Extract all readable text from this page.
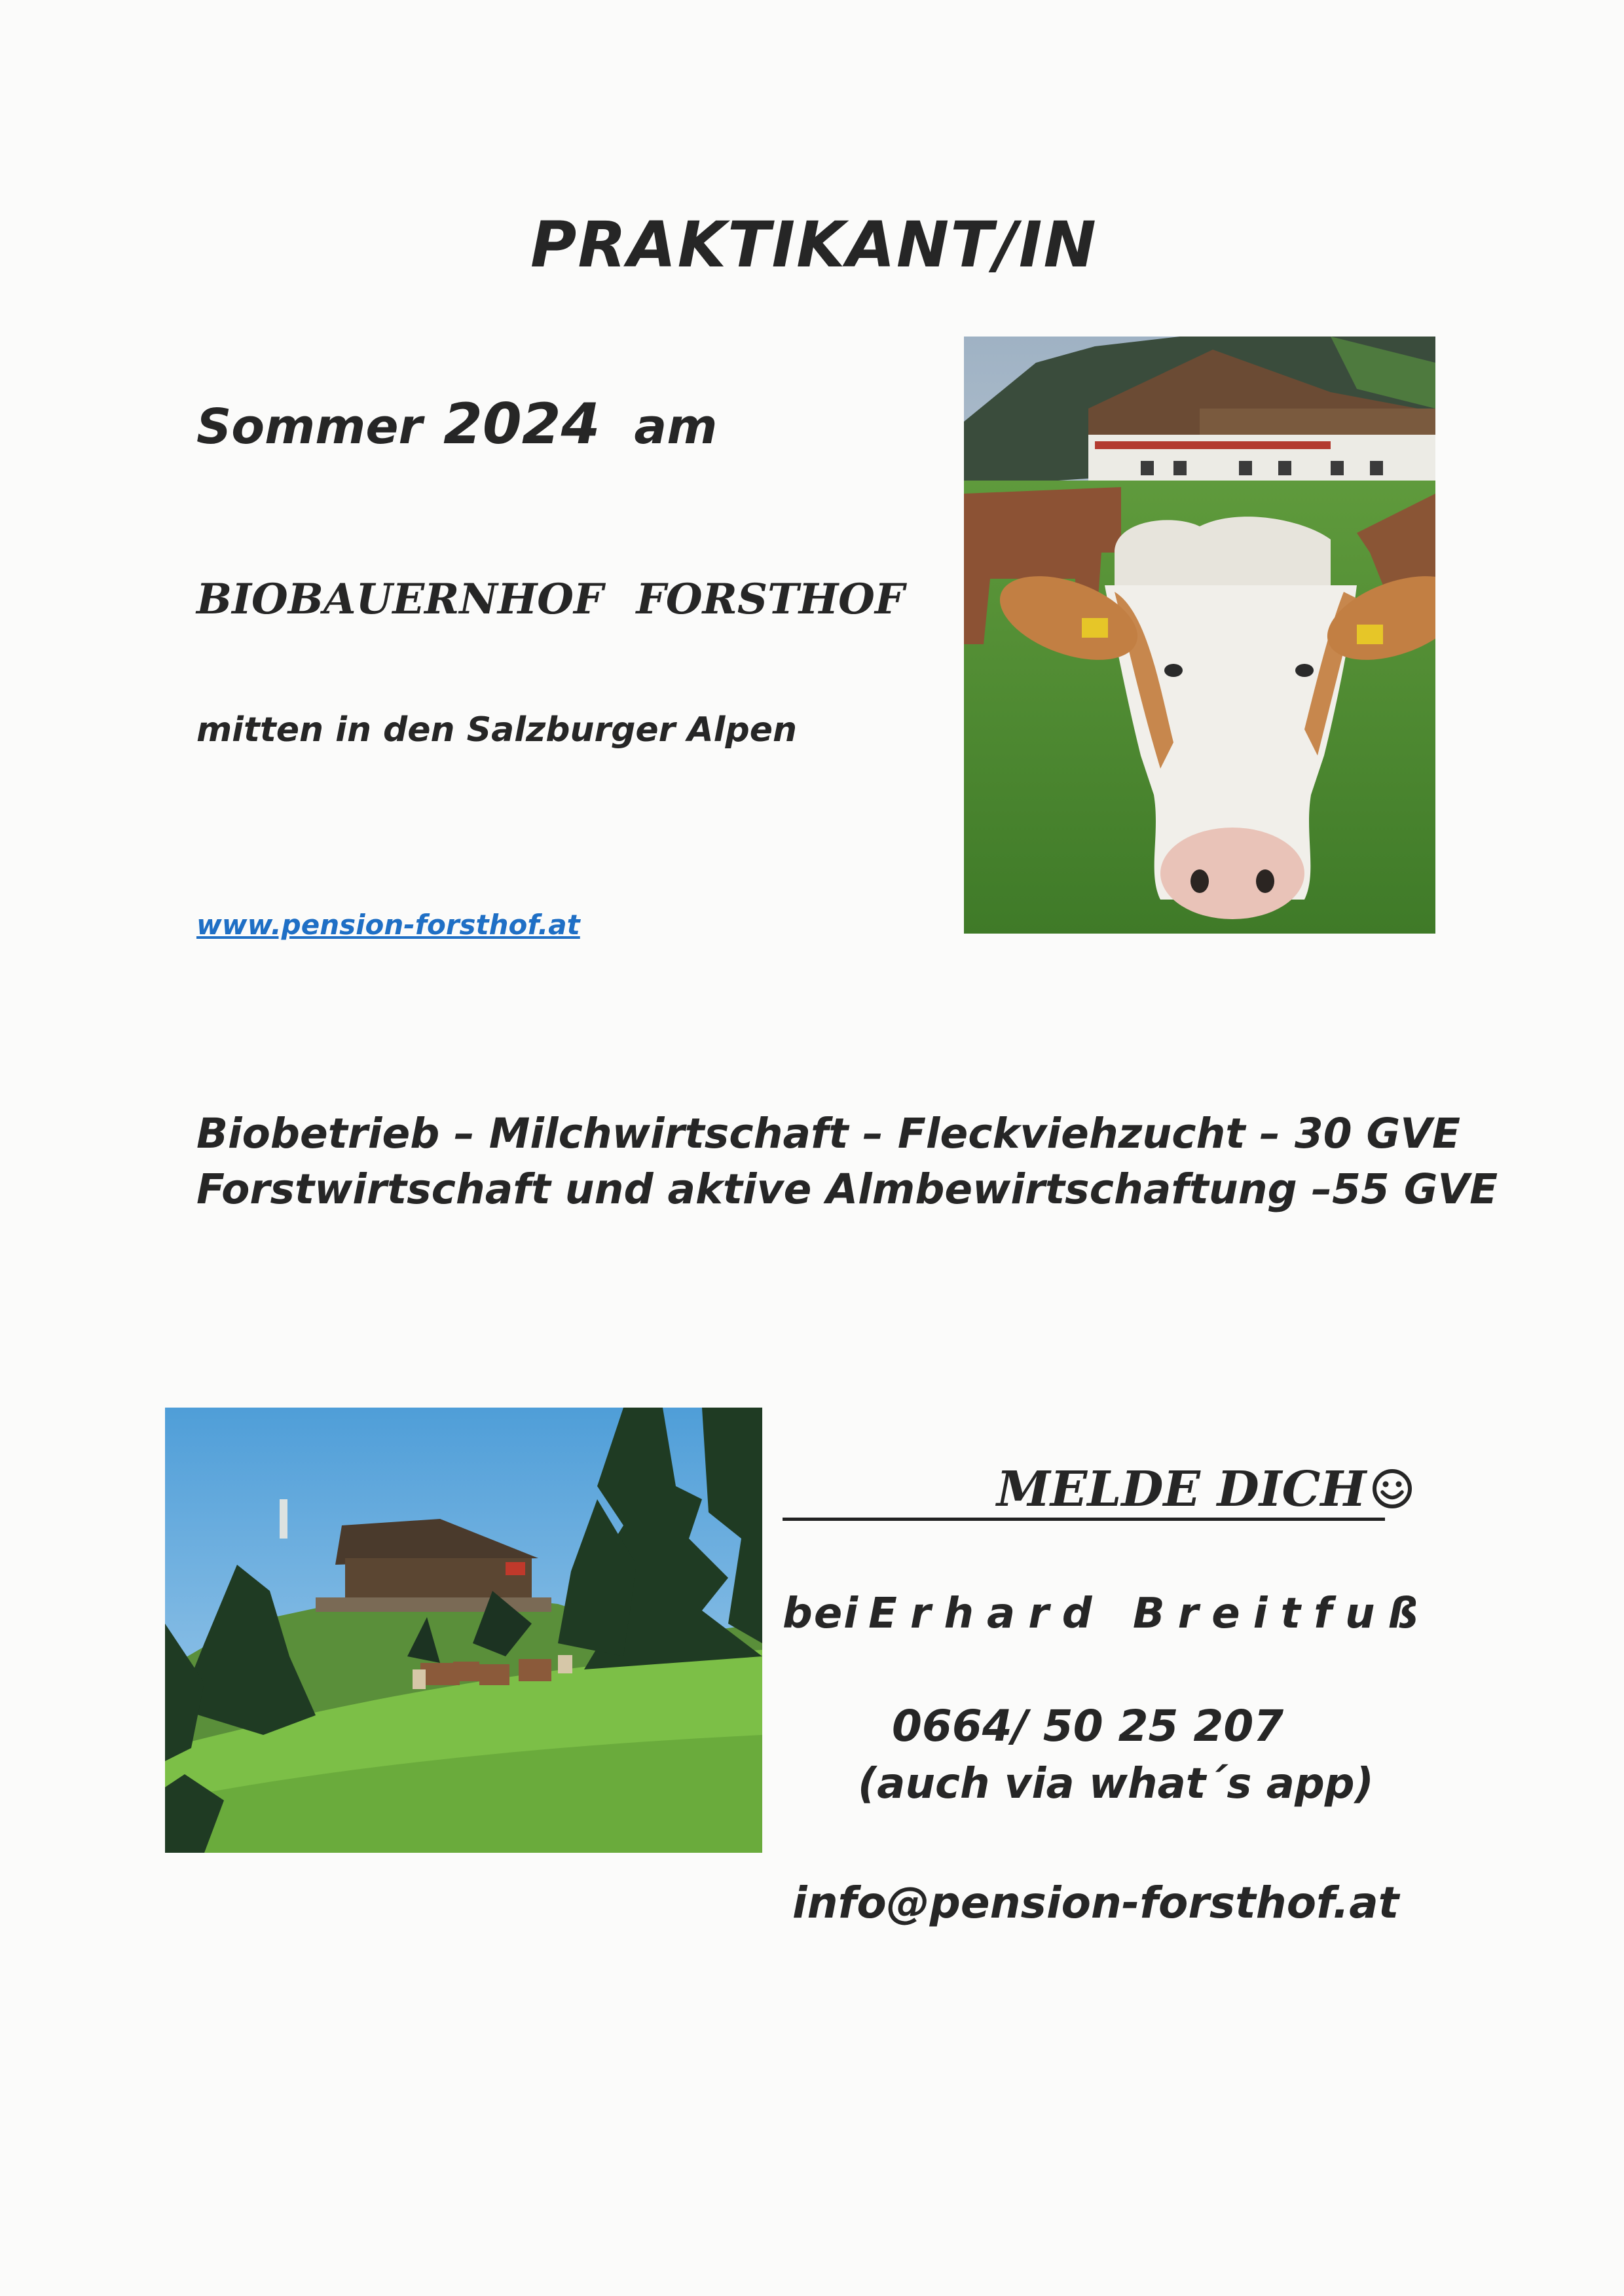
PRAKTIKANT/IN
Sommer 2024 am
BIOBAUERNHOF FORSTHOF
mitten in den Salzburger Alpen
www.pension-forsthof.at
Biobetrieb – Milchwirtschaft – Fleckviehzucht – 30 GVE
Forstwirtschaft und aktive Almbewirtschaftung –55 GVE
MELDE DICH
bei Erhard Breitfuß
0664/ 50 25 207
(auch via what´s app)
info@pension-forsthof.at
